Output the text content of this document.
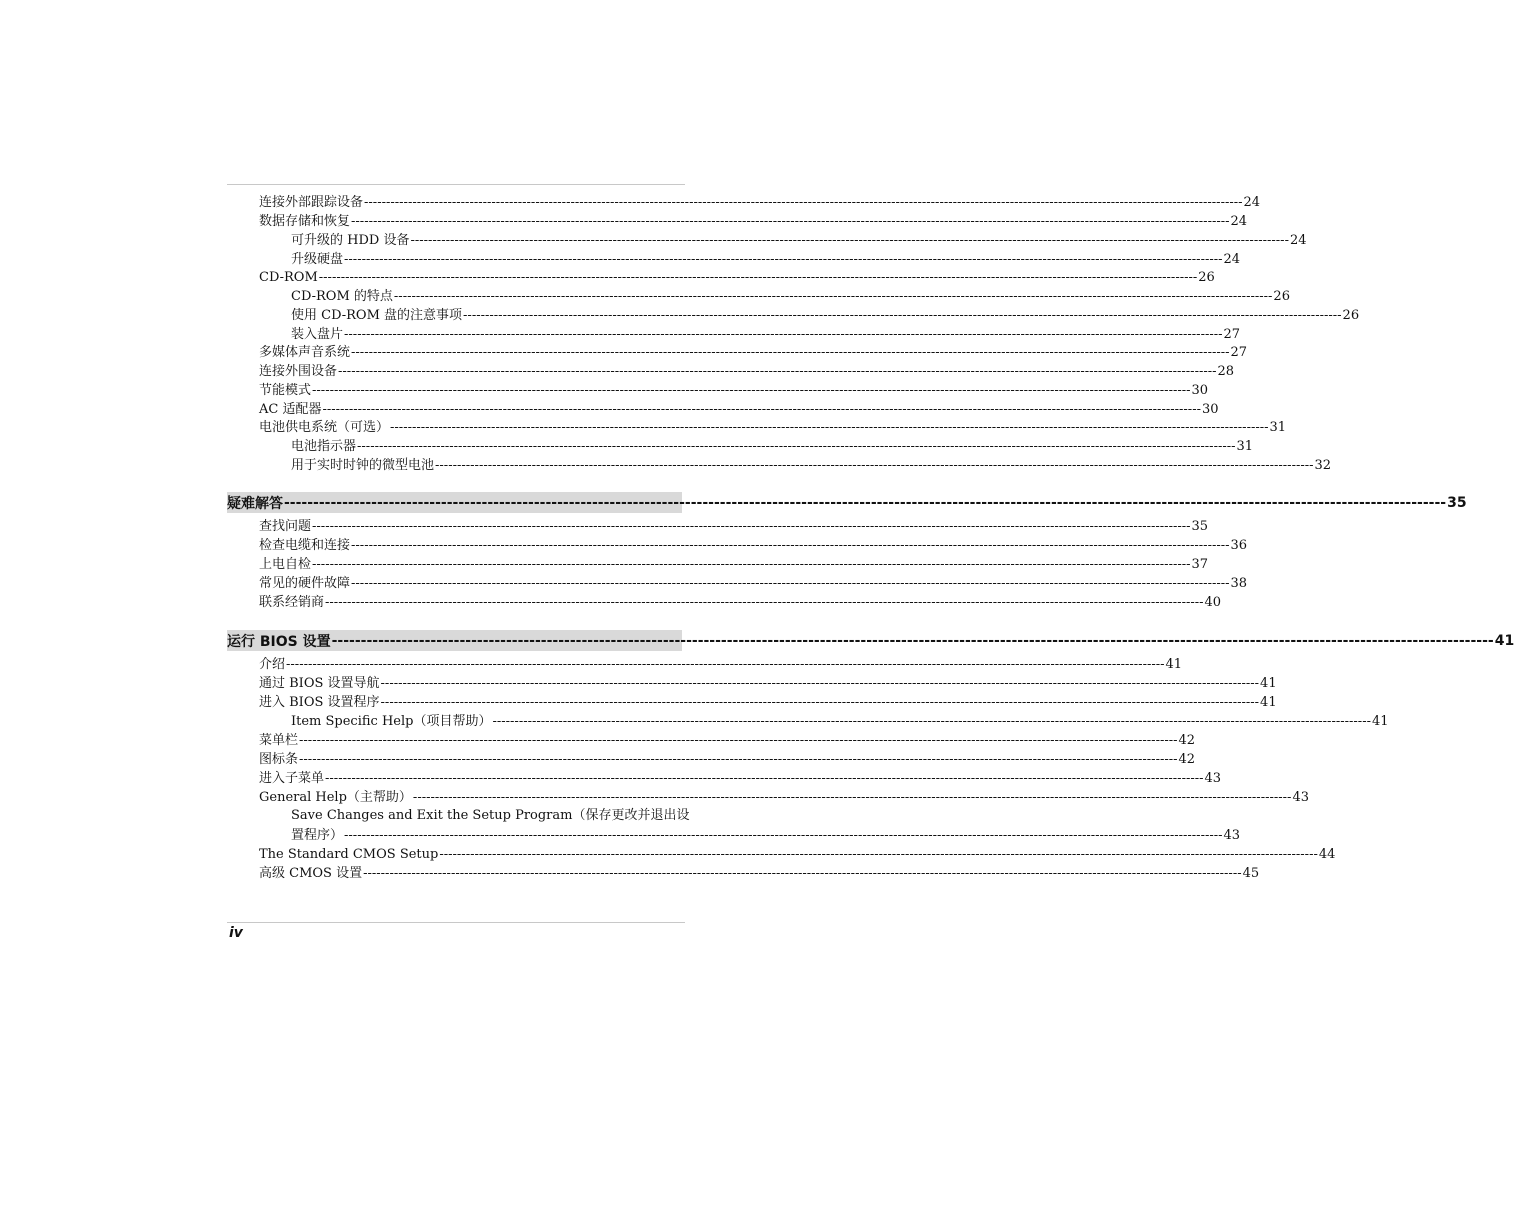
连接外部跟踪设备 -------------------------------------------------------------------------------------------------------------------------------------------------------------------------------------------------------- 24
数据存储和恢复 -------------------------------------------------------------------------------------------------------------------------------------------------------------------------------------------------------- 24
可升级的 HDD 设备 -------------------------------------------------------------------------------------------------------------------------------------------------------------------------------------------------------- 24
升级硬盘 -------------------------------------------------------------------------------------------------------------------------------------------------------------------------------------------------------- 24
CD-ROM -------------------------------------------------------------------------------------------------------------------------------------------------------------------------------------------------------- 26
CD-ROM 的特点 -------------------------------------------------------------------------------------------------------------------------------------------------------------------------------------------------------- 26
使用 CD-ROM 盘的注意事项 -------------------------------------------------------------------------------------------------------------------------------------------------------------------------------------------------------- 26
装入盘片 -------------------------------------------------------------------------------------------------------------------------------------------------------------------------------------------------------- 27
多媒体声音系统 -------------------------------------------------------------------------------------------------------------------------------------------------------------------------------------------------------- 27
连接外围设备 -------------------------------------------------------------------------------------------------------------------------------------------------------------------------------------------------------- 28
节能模式 -------------------------------------------------------------------------------------------------------------------------------------------------------------------------------------------------------- 30
AC 适配器 -------------------------------------------------------------------------------------------------------------------------------------------------------------------------------------------------------- 30
电池供电系统（可选） -------------------------------------------------------------------------------------------------------------------------------------------------------------------------------------------------------- 31
电池指示器 -------------------------------------------------------------------------------------------------------------------------------------------------------------------------------------------------------- 31
用于实时时钟的微型电池 -------------------------------------------------------------------------------------------------------------------------------------------------------------------------------------------------------- 32
疑难解答 -------------------------------------------------------------------------------------------------------------------------------------------------------------------------------------------------------- 35
查找问题 -------------------------------------------------------------------------------------------------------------------------------------------------------------------------------------------------------- 35
检查电缆和连接 -------------------------------------------------------------------------------------------------------------------------------------------------------------------------------------------------------- 36
上电自检 -------------------------------------------------------------------------------------------------------------------------------------------------------------------------------------------------------- 37
常见的硬件故障 -------------------------------------------------------------------------------------------------------------------------------------------------------------------------------------------------------- 38
联系经销商 -------------------------------------------------------------------------------------------------------------------------------------------------------------------------------------------------------- 40
运行 BIOS 设置 -------------------------------------------------------------------------------------------------------------------------------------------------------------------------------------------------------- 41
介绍 -------------------------------------------------------------------------------------------------------------------------------------------------------------------------------------------------------- 41
通过 BIOS 设置导航 -------------------------------------------------------------------------------------------------------------------------------------------------------------------------------------------------------- 41
进入 BIOS 设置程序 -------------------------------------------------------------------------------------------------------------------------------------------------------------------------------------------------------- 41
Item Specific Help（项目帮助） -------------------------------------------------------------------------------------------------------------------------------------------------------------------------------------------------------- 41
菜单栏 -------------------------------------------------------------------------------------------------------------------------------------------------------------------------------------------------------- 42
图标条 -------------------------------------------------------------------------------------------------------------------------------------------------------------------------------------------------------- 42
进入子菜单 -------------------------------------------------------------------------------------------------------------------------------------------------------------------------------------------------------- 43
General Help（主帮助） -------------------------------------------------------------------------------------------------------------------------------------------------------------------------------------------------------- 43
Save Changes and Exit the Setup Program（保存更改并退出设
置程序） -------------------------------------------------------------------------------------------------------------------------------------------------------------------------------------------------------- 43
The Standard CMOS Setup -------------------------------------------------------------------------------------------------------------------------------------------------------------------------------------------------------- 44
高级 CMOS 设置 -------------------------------------------------------------------------------------------------------------------------------------------------------------------------------------------------------- 45
iv
